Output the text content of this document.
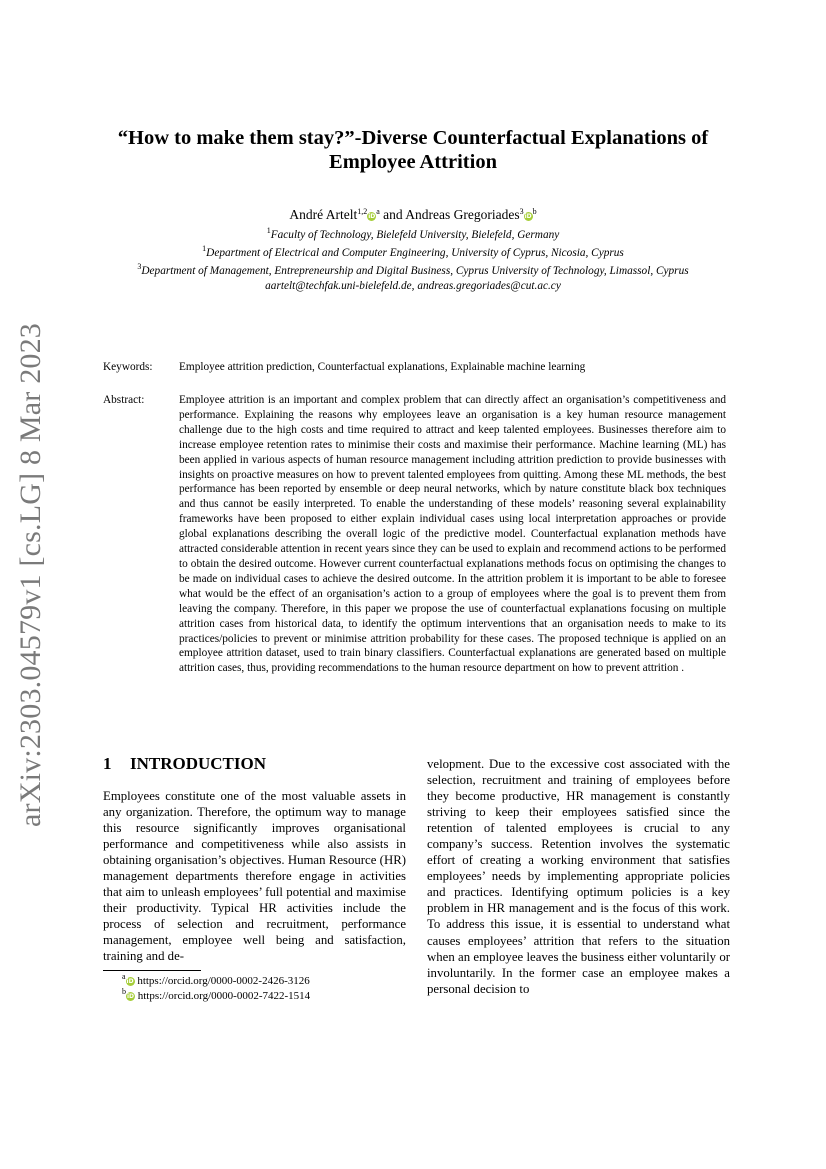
arXiv:2303.04579v1 [cs.LG] 8 Mar 2023
“How to make them stay?”-Diverse Counterfactual Explanations of
Employee Attrition
André $Artelt^{1,2}iD^a$ and Andreas $Gregoriades^3iD^b$
$^1$Faculty of Technology, Bielefeld University, Bielefeld, Germany
$^1$Department of Electrical and Computer Engineering, University of Cyprus, Nicosia, Cyprus
$^3$Department of Management, Entrepreneurship and Digital Business, Cyprus University of Technology, Limassol, Cyprus
aartelt@techfak.uni-bielefeld.de, andreas.gregoriades@cut.ac.cy
Keywords: Employee attrition prediction, Counterfactual explanations, Explainable machine learning
Abstract:	Employee attrition is an important and complex problem that can directly affect an organisation’s competitiveness and performance. Explaining the reasons why employees leave an organisation is a key human resource management challenge due to the high costs and time required to attract and keep talented employees. Businesses therefore aim to increase employee retention rates to minimise their costs and maximise their performance. Machine learning (ML) has been applied in various aspects of human resource management including attrition prediction to provide businesses with insights on proactive measures on how to prevent talented employees from quitting. Among these ML methods, the best performance has been reported by ensemble or deep neural networks, which by nature constitute black box techniques and thus cannot be easily interpreted. To enable the understanding of these models’ reasoning several explainability frameworks have been proposed to either explain individual cases using local interpretation approaches or provide global explanations describing the overall logic of the predictive model. Counterfactual explanation methods have attracted considerable attention in recent years since they can be used to explain and recommend actions to be performed to obtain the desired outcome. However current counterfactual explanations methods focus on optimising the changes to be made on individual cases to achieve the desired outcome. In the attrition problem it is important to be able to foresee what would be the effect of an organisation’s action to a group of employees where the goal is to prevent them from leaving the company. Therefore, in this paper we propose the use of counterfactual explanations focusing on multiple attrition cases from historical data, to identify the optimum interventions that an organisation needs to make to its practices/policies to prevent or minimise attrition probability for these cases. The proposed technique is applied on an employee attrition dataset, used to train binary classifiers. Counterfactual explanations are generated based on multiple attrition cases, thus, providing recommendations to the human resource department on how to prevent attrition .
1 INTRODUCTION
Employees constitute one of the most valuable assets in any organization. Therefore, the optimum way to manage this resource significantly improves organisational performance and competitiveness while also assists in obtaining organisation’s objectives. Human Resource (HR) management departments therefore engage in activities that aim to unleash employees’ full potential and maximise their productivity. Typical HR activities include the process of selection and recruitment, performance management, employee well being and satisfaction, training and de-
velopment. Due to the excessive cost associated with the selection, recruitment and training of employees before they become productive, HR management is constantly striving to keep their employees satisfied since the retention of talented employees is crucial to any company’s success. Retention involves the systematic effort of creating a working environment that satisfies employees’ needs by implementing appropriate policies and practices. Identifying optimum policies is a key problem in HR management and is the focus of this work. To address this issue, it is essential to understand what causes employees’ attrition that refers to the situation when an employee leaves the business either voluntarily or involuntarily. In the former case an employee makes a personal decision to
$^a$iD https://orcid.org/0000-0002-2426-3126
$^b$iD https://orcid.org/0000-0002-7422-1514
